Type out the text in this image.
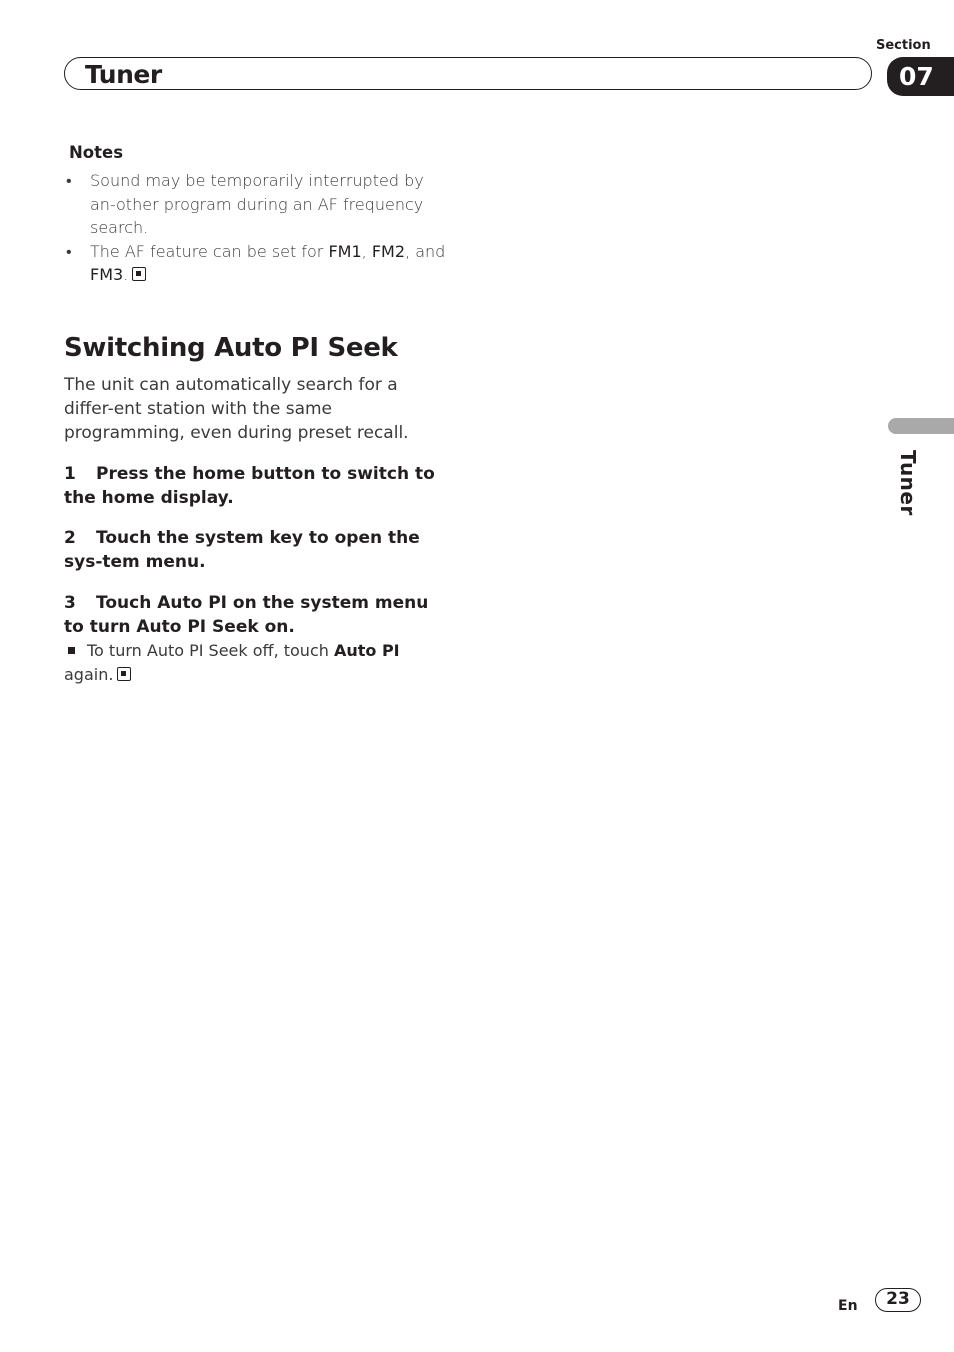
Section
Tuner	07
Tuner
Notes
• Sound may be temporarily interrupted by an-other program during an AF frequency search.
• The AF feature can be set for FM1, FM2, and FM3.
Switching Auto PI Seek
The unit can automatically search for a differ-ent station with the same programming, even during preset recall.
1 Press the home button to switch to the home display.
2 Touch the system key to open the sys-tem menu.
3 Touch Auto PI on the system menu to turn Auto PI Seek on.
To turn Auto PI Seek off, touch Auto PI again.
En	23
